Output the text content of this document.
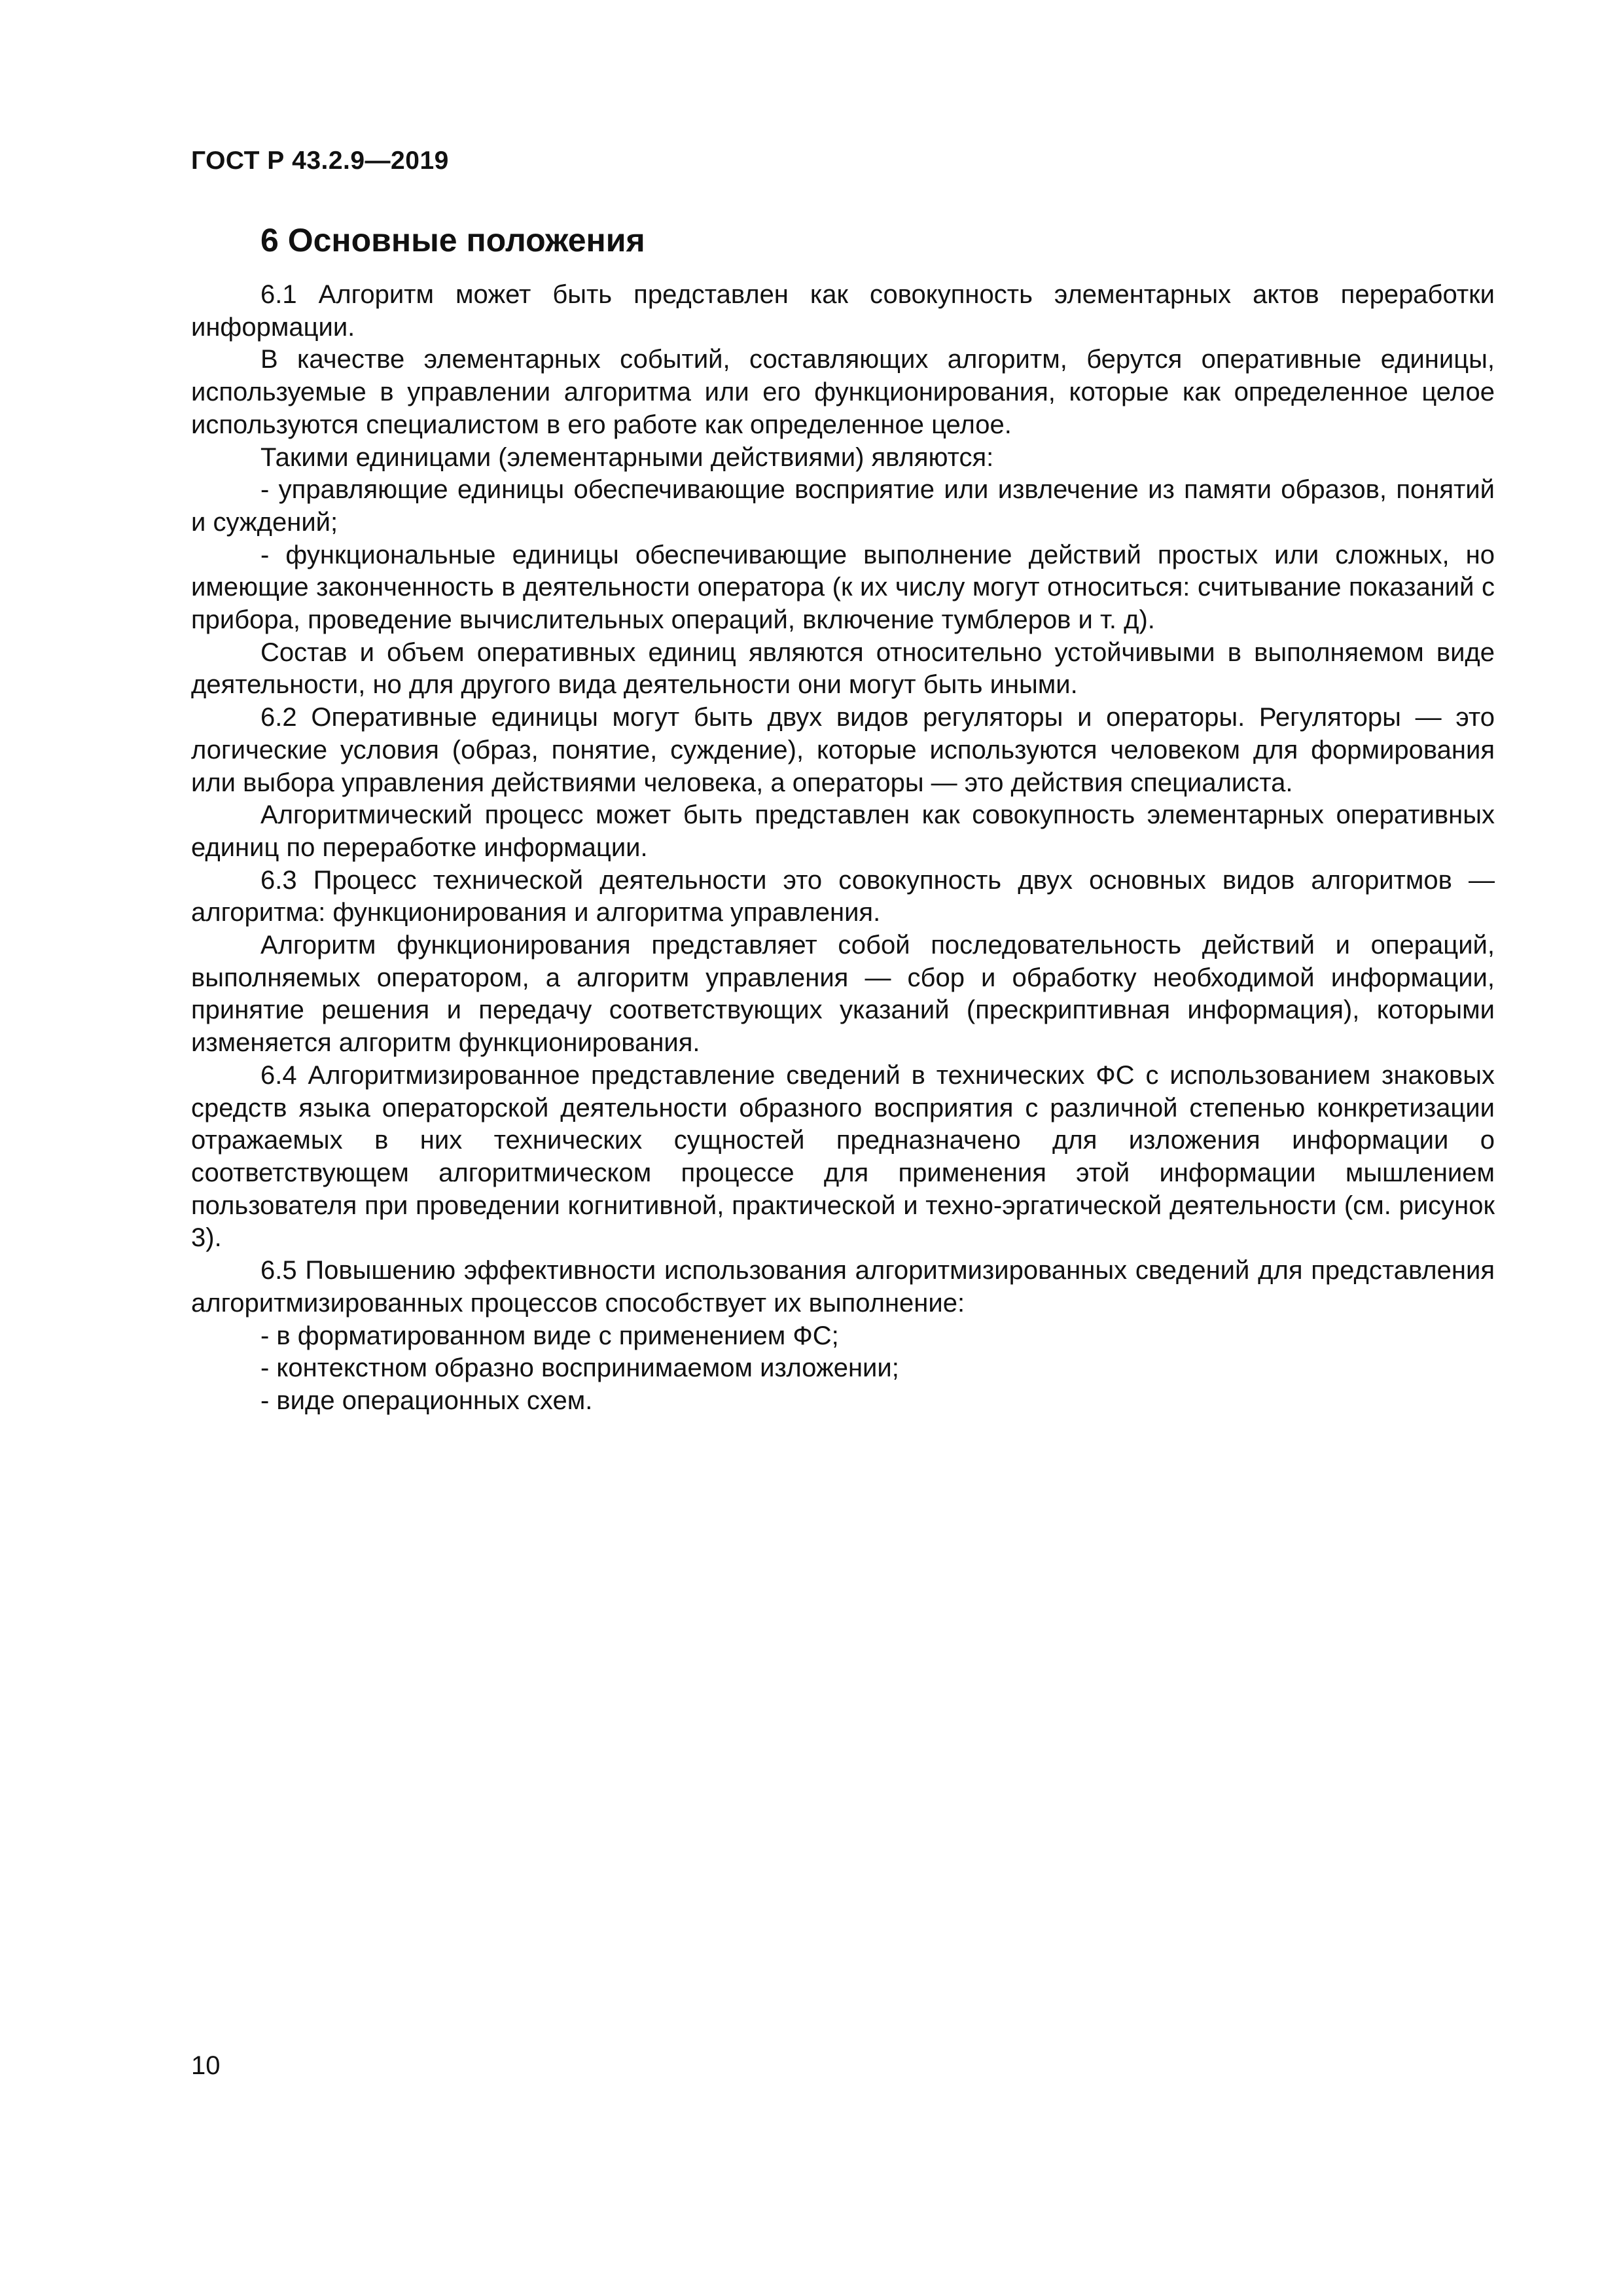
ГОСТ Р 43.2.9—2019

6 Основные положения

6.1 Алгоритм может быть представлен как совокупность элементарных актов переработки информации.

В качестве элементарных событий, составляющих алгоритм, берутся оперативные единицы, используемые в управлении алгоритма или его функционирования, которые как определенное целое используются специалистом в его работе как определенное целое.

Такими единицами (элементарными действиями) являются:

- управляющие единицы обеспечивающие восприятие или извлечение из памяти образов, понятий и суждений;

- функциональные единицы обеспечивающие выполнение действий простых или сложных, но имеющие законченность в деятельности оператора (к их числу могут относиться: считывание показаний с прибора, проведение вычислительных операций, включение тумблеров и т. д).

Состав и объем оперативных единиц являются относительно устойчивыми в выполняемом виде деятельности, но для другого вида деятельности они могут быть иными.

6.2 Оперативные единицы могут быть двух видов регуляторы и операторы. Регуляторы — это логические условия (образ, понятие, суждение), которые используются человеком для формирования или выбора управления действиями человека, а операторы — это действия специалиста.

Алгоритмический процесс может быть представлен как совокупность элементарных оперативных единиц по переработке информации.

6.3 Процесс технической деятельности это совокупность двух основных видов алгоритмов — алгоритма: функционирования и алгоритма управления.

Алгоритм функционирования представляет собой последовательность действий и операций, выполняемых оператором, а алгоритм управления — сбор и обработку необходимой информации, принятие решения и передачу соответствующих указаний (прескриптивная информация), которыми изменяется алгоритм функционирования.

6.4 Алгоритмизированное представление сведений в технических ФС с использованием знаковых средств языка операторской деятельности образного восприятия с различной степенью конкретизации отражаемых в них технических сущностей предназначено для изложения информации о соответствующем алгоритмическом процессе для применения этой информации мышлением пользователя при проведении когнитивной, практической и техно-эргатической деятельности (см. рисунок 3).

6.5 Повышению эффективности использования алгоритмизированных сведений для представления алгоритмизированных процессов способствует их выполнение:

- в форматированном виде с применением ФС;

- контекстном образно воспринимаемом изложении;

- виде операционных схем.

10
